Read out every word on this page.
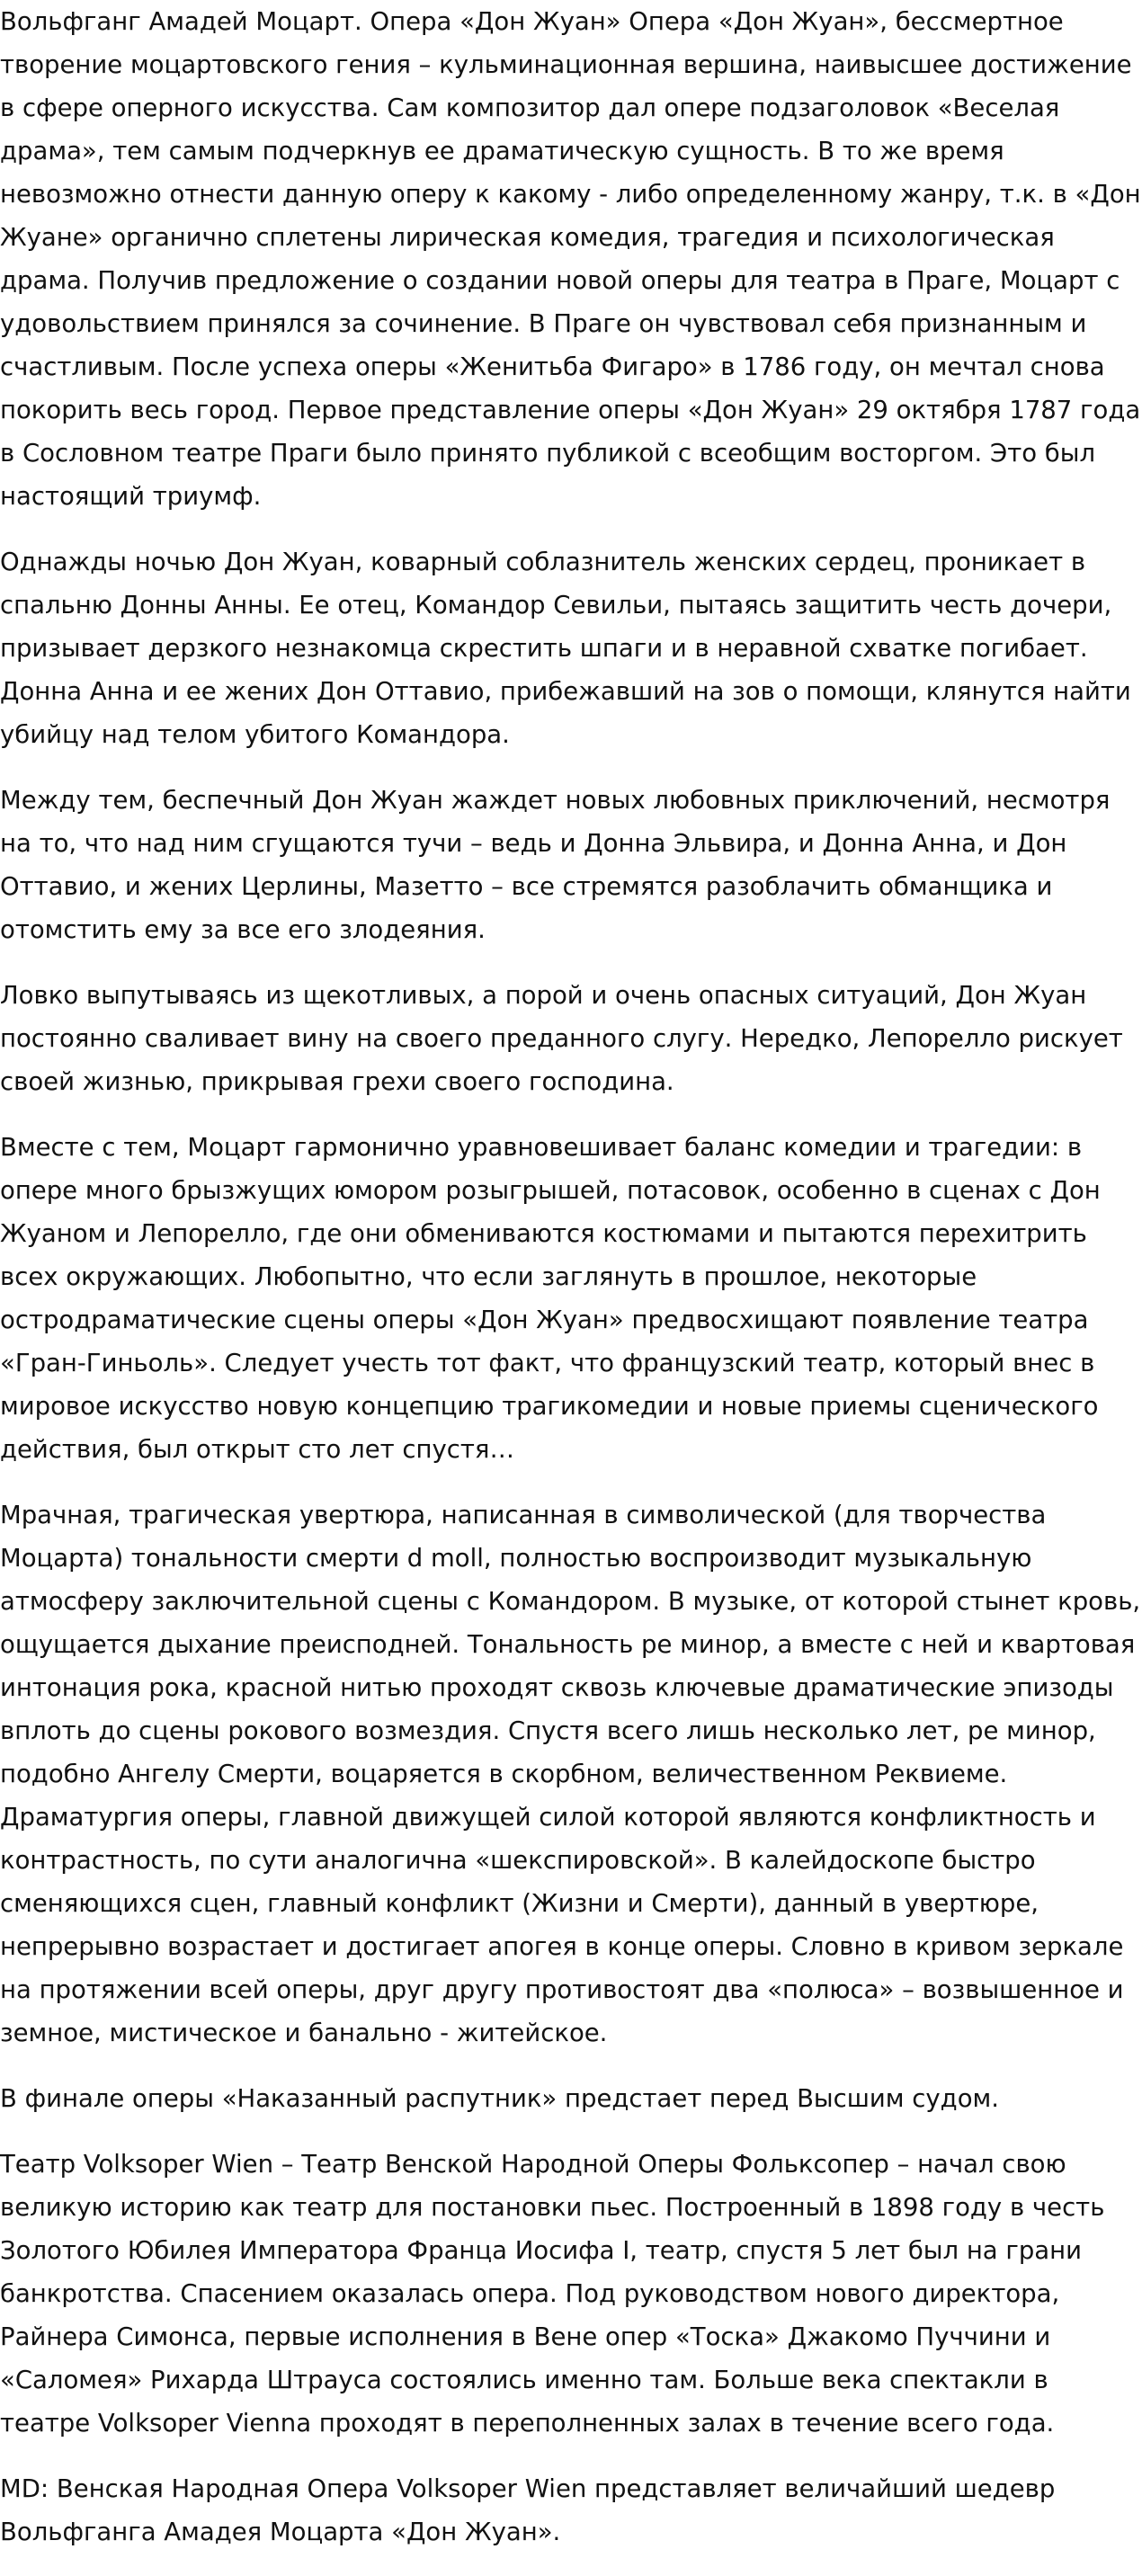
Вольфганг Амадей Моцарт. Опера «Дон Жуан» Опера «Дон Жуан», бессмертное творение моцартовского гения – кульминационная вершина, наивысшее достижение в сфере оперного искусства. Сам композитор дал опере подзаголовок «Веселая драма», тем самым подчеркнув ее драматическую сущность. В то же время невозможно отнести данную оперу к какому - либо определенному жанру, т.к. в «Дон Жуане» органично сплетены лирическая комедия, трагедия и психологическая драма. Получив предложение о создании новой оперы для театра в Праге, Моцарт с удовольствием принялся за сочинение. В Праге он чувствовал себя признанным и счастливым. После успеха оперы «Женитьба Фигаро» в 1786 году, он мечтал снова покорить весь город. Первое представление оперы «Дон Жуан» 29 октября 1787 года в Сословном театре Праги было принято публикой с всеобщим восторгом. Это был настоящий триумф.

Однажды ночью Дон Жуан, коварный соблазнитель женских сердец, проникает в спальню Донны Анны. Ее отец, Командор Севильи, пытаясь защитить честь дочери, призывает дерзкого незнакомца скрестить шпаги и в неравной схватке погибает. Донна Анна и ее жених Дон Оттавио, прибежавший на зов о помощи, клянутся найти убийцу над телом убитого Командора.

Между тем, беспечный Дон Жуан жаждет новых любовных приключений, несмотря на то, что над ним сгущаются тучи – ведь и Донна Эльвира, и Донна Анна, и Дон Оттавио, и жених Церлины, Мазетто – все стремятся разоблачить обманщика и отомстить ему за все его злодеяния.

Ловко выпутываясь из щекотливых, а порой и очень опасных ситуаций, Дон Жуан постоянно сваливает вину на своего преданного слугу. Нередко, Лепорелло рискует своей жизнью, прикрывая грехи своего господина.

Вместе с тем, Моцарт гармонично уравновешивает баланс комедии и трагедии: в опере много брызжущих юмором розыгрышей, потасовок, особенно в сценах с Дон Жуаном и Лепорелло, где они обмениваются костюмами и пытаются перехитрить всех окружающих. Любопытно, что если заглянуть в прошлое, некоторые остродраматические сцены оперы «Дон Жуан» предвосхищают появление театра «Гран-Гиньоль». Следует учесть тот факт, что французский театр, который внес в мировое искусство новую концепцию трагикомедии и новые приемы сценического действия, был открыт сто лет спустя…

Мрачная, трагическая увертюра, написанная в символической (для творчества Моцарта) тональности смерти d moll, полностью воспроизводит музыкальную атмосферу заключительной сцены с Командором. В музыке, от которой стынет кровь, ощущается дыхание преисподней. Тональность ре минор, а вместе с ней и квартовая интонация рока, красной нитью проходят сквозь ключевые драматические эпизоды вплоть до сцены рокового возмездия. Спустя всего лишь несколько лет, ре минор, подобно Ангелу Смерти, воцаряется в скорбном, величественном Реквиеме. Драматургия оперы, главной движущей силой которой являются конфликтность и контрастность, по сути аналогична «шекспировской». В калейдоскопе быстро сменяющихся сцен, главный конфликт (Жизни и Смерти), данный в увертюре, непрерывно возрастает и достигает апогея в конце оперы. Словно в кривом зеркале на протяжении всей оперы, друг другу противостоят два «полюса» – возвышенное и земное, мистическое и банально - житейское.

В финале оперы «Наказанный распутник» предстает перед Высшим судом.

Театр Volksoper Wien – Театр Венской Народной Оперы Фольксопер – начал свою великую историю как театр для постановки пьес. Построенный в 1898 году в честь Золотого Юбилея Императора Франца Иосифа I, театр, спустя 5 лет был на грани банкротства. Спасением оказалась опера. Под руководством нового директора, Райнера Симонса, первые исполнения в Вене опер «Тоска» Джакомо Пуччини и «Саломея» Рихарда Штрауса состоялись именно там. Больше века спектакли в театре Volksoper Vienna проходят в переполненных залах в течение всего года.

MD: Венская Народная Опера Volksoper Wien представляет величайший шедевр Вольфганга Амадея Моцарта «Дон Жуан».
